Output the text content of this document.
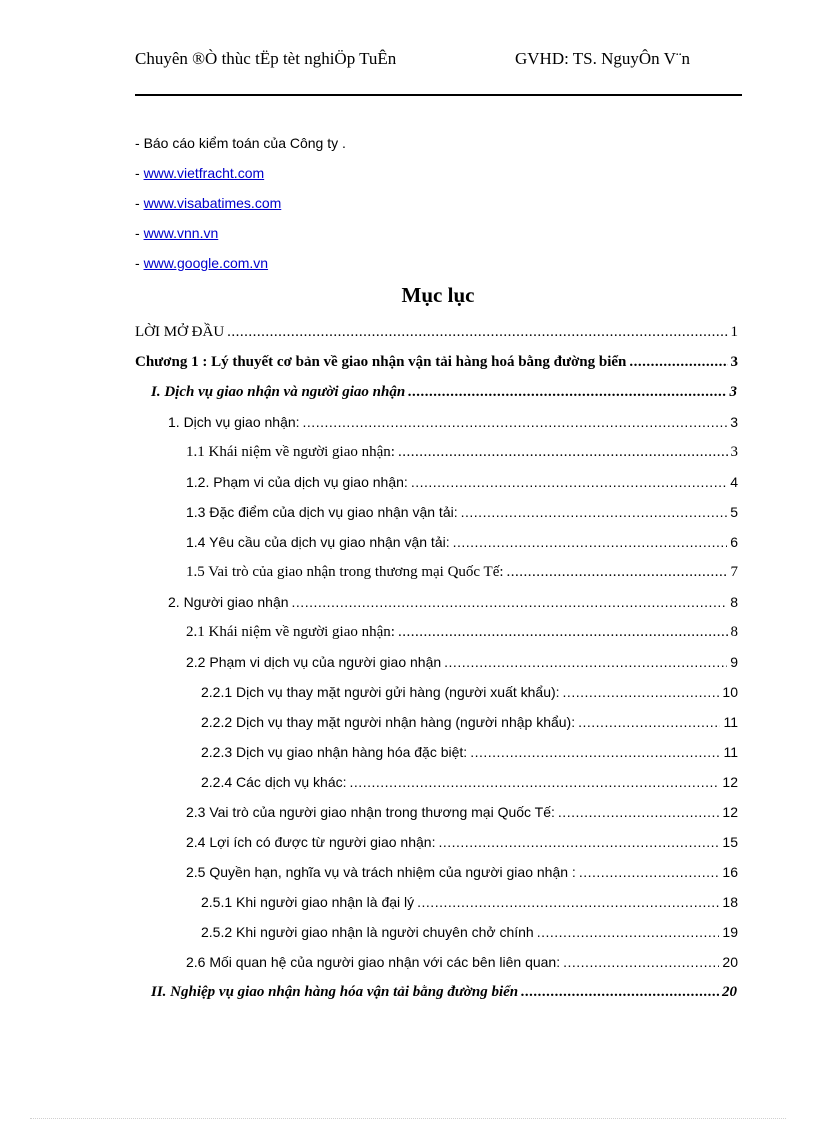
Chuyên ®Ò thùc tËp tèt nghiÖp TuÊn	GVHD: TS. NguyÔn V¨n
- Báo cáo kiểm toán của Công ty .
- www.vietfracht.com
- www.visabatimes.com
- www.vnn.vn
- www.google.com.vn
Mục lục
LỜI MỞ ĐẦU .....	1
Chương 1 : Lý thuyết cơ bản về giao nhận vận tải hàng hoá bằng đường biển .....	3
I. Dịch vụ giao nhận và người giao nhận .....	3
1. Dịch vụ giao nhận: .....	3
1.1 Khái niệm về người giao nhận: .....	3
1.2. Phạm vi của dịch vụ giao nhận: .....	4
1.3 Đặc điểm của dịch vụ giao nhận vận tải: .....	5
1.4 Yêu cầu của dịch vụ giao nhận vận tải: .....	6
1.5 Vai trò của giao nhận trong thương mại Quốc Tế: .....	7
2. Người giao nhận .....	8
2.1 Khái niệm về người giao nhận: .....	8
2.2 Phạm vi dịch vụ của người giao nhận .....	9
2.2.1 Dịch vụ thay mặt người gửi hàng (người xuất khẩu): .....	10
2.2.2 Dịch vụ thay mặt người nhận hàng (người nhập khẩu): .....	11
2.2.3 Dịch vụ giao nhận hàng hóa đặc biệt: .....	11
2.2.4 Các dịch vụ khác: .....	12
2.3 Vai trò của người giao nhận trong thương mại Quốc Tế: .....	12
2.4 Lợi ích có được từ người giao nhận: .....	15
2.5 Quyền hạn, nghĩa vụ và trách nhiệm của người giao nhận : .....	16
2.5.1 Khi người giao nhận là đại lý .....	18
2.5.2 Khi người giao nhận là người chuyên chở chính .....	19
2.6 Mối quan hệ của người giao nhận với các bên liên quan: .....	20
II. Nghiệp vụ giao nhận hàng hóa vận tải bằng đường biển .....	20
